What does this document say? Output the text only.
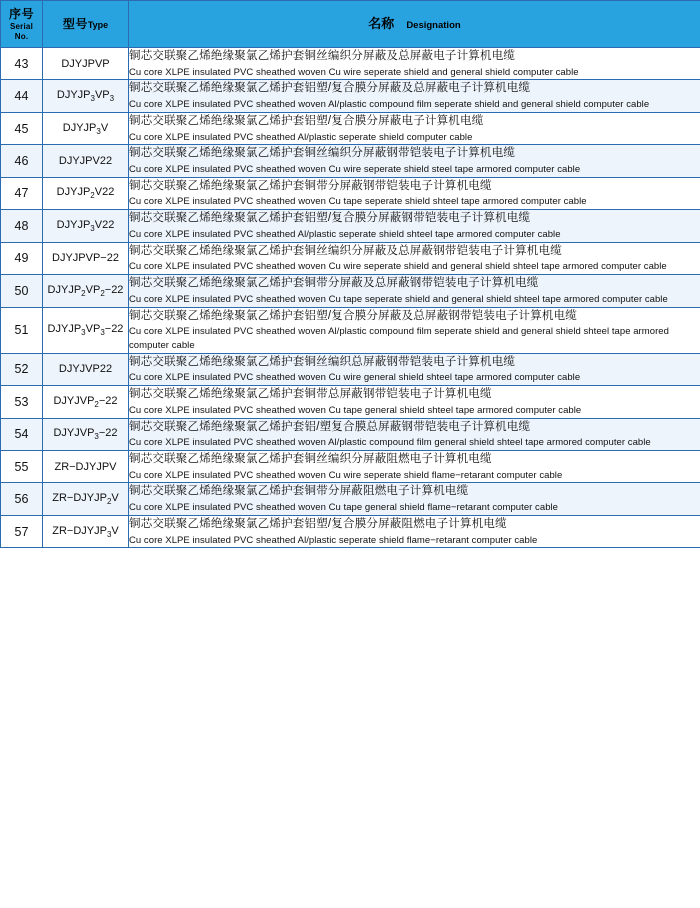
序号
Serial
No.	型号Type	名称 Designation
43	DJYJPVP	铜芯交联聚乙烯绝缘聚氯乙烯护套铜丝编织分屏蔽及总屏蔽电子计算机电缆
Cu core XLPE insulated PVC sheathed woven Cu wire seperate shield and general shield computer cable

44	$DJYJP_3VP_3$	铜芯交联聚乙烯绝缘聚氯乙烯护套铝塑/复合膜分屏蔽及总屏蔽电子计算机电缆
Cu core XLPE insulated PVC sheathed woven Al/plastic compound film seperate shield and general shield computer cable

45	$DJYJP_3V$	铜芯交联聚乙烯绝缘聚氯乙烯护套铝塑/复合膜分屏蔽电子计算机电缆
Cu core XLPE insulated PVC sheathed Al/plastic seperate shield computer cable

46	DJYJPV22	铜芯交联聚乙烯绝缘聚氯乙烯护套铜丝编织分屏蔽钢带铠装电子计算机电缆
Cu core XLPE insulated PVC sheathed woven Cu wire seperate shield steel tape armored computer cable

47	$DJYJP_2V22$	铜芯交联聚乙烯绝缘聚氯乙烯护套铜带分屏蔽钢带铠装电子计算机电缆
Cu core XLPE insulated PVC sheathed woven Cu tape seperate shield shteel tape armored computer cable

48	$DJYJP_3V22$	铜芯交联聚乙烯绝缘聚氯乙烯护套铝塑/复合膜分屏蔽钢带铠装电子计算机电缆
Cu core XLPE insulated PVC sheathed Al/plastic seperate shield shteel tape armored computer cable

49	DJYJPVP−22	铜芯交联聚乙烯绝缘聚氯乙烯护套铜丝编织分屏蔽及总屏蔽钢带铠装电子计算机电缆
Cu core XLPE insulated PVC sheathed woven Cu wire seperate shield and general shield shteel tape armored computer cable

50	$DJYJP_2VP_2-22$	铜芯交联聚乙烯绝缘聚氯乙烯护套铜带分屏蔽及总屏蔽钢带铠装电子计算机电缆
Cu core XLPE insulated PVC sheathed woven Cu tape seperate shield and general shield shteel tape armored computer cable

51	$DJYJP_3VP_3-22$	铜芯交联聚乙烯绝缘聚氯乙烯护套铝塑/复合膜分屏蔽及总屏蔽钢带铠装电子计算机电缆
Cu core XLPE insulated PVC sheathed woven Al/plastic compound film seperate shield and general shield shteel tape armored computer cable

52	DJYJVP22	铜芯交联聚乙烯绝缘聚氯乙烯护套铜丝编织总屏蔽钢带铠装电子计算机电缆
Cu core XLPE insulated PVC sheathed woven Cu wire general shield shteel tape armored computer cable

53	$DJYJVP_2-22$	铜芯交联聚乙烯绝缘聚氯乙烯护套铜带总屏蔽钢带铠装电子计算机电缆
Cu core XLPE insulated PVC sheathed woven Cu tape general shield shteel tape armored computer cable

54	$DJYJVP_3-22$	铜芯交联聚乙烯绝缘聚氯乙烯护套铝/塑复合膜总屏蔽钢带铠装电子计算机电缆
Cu core XLPE insulated PVC sheathed woven Al/plastic compound film general shield shteel tape armored computer cable

55	ZR−DJYJPV	铜芯交联聚乙烯绝缘聚氯乙烯护套铜丝编织分屏蔽阻燃电子计算机电缆
Cu core XLPE insulated PVC sheathed woven Cu wire seperate shield flame−retarant computer cable

56	$ZR-DJYJP_2V$	铜芯交联聚乙烯绝缘聚氯乙烯护套铜带分屏蔽阻燃电子计算机电缆
Cu core XLPE insulated PVC sheathed woven Cu tape general shield flame−retarant computer cable

57	$ZR-DJYJP_3V$	铜芯交联聚乙烯绝缘聚氯乙烯护套铝塑/复合膜分屏蔽阻燃电子计算机电缆
Cu core XLPE insulated PVC sheathed Al/plastic seperate shield flame−retarant computer cable
